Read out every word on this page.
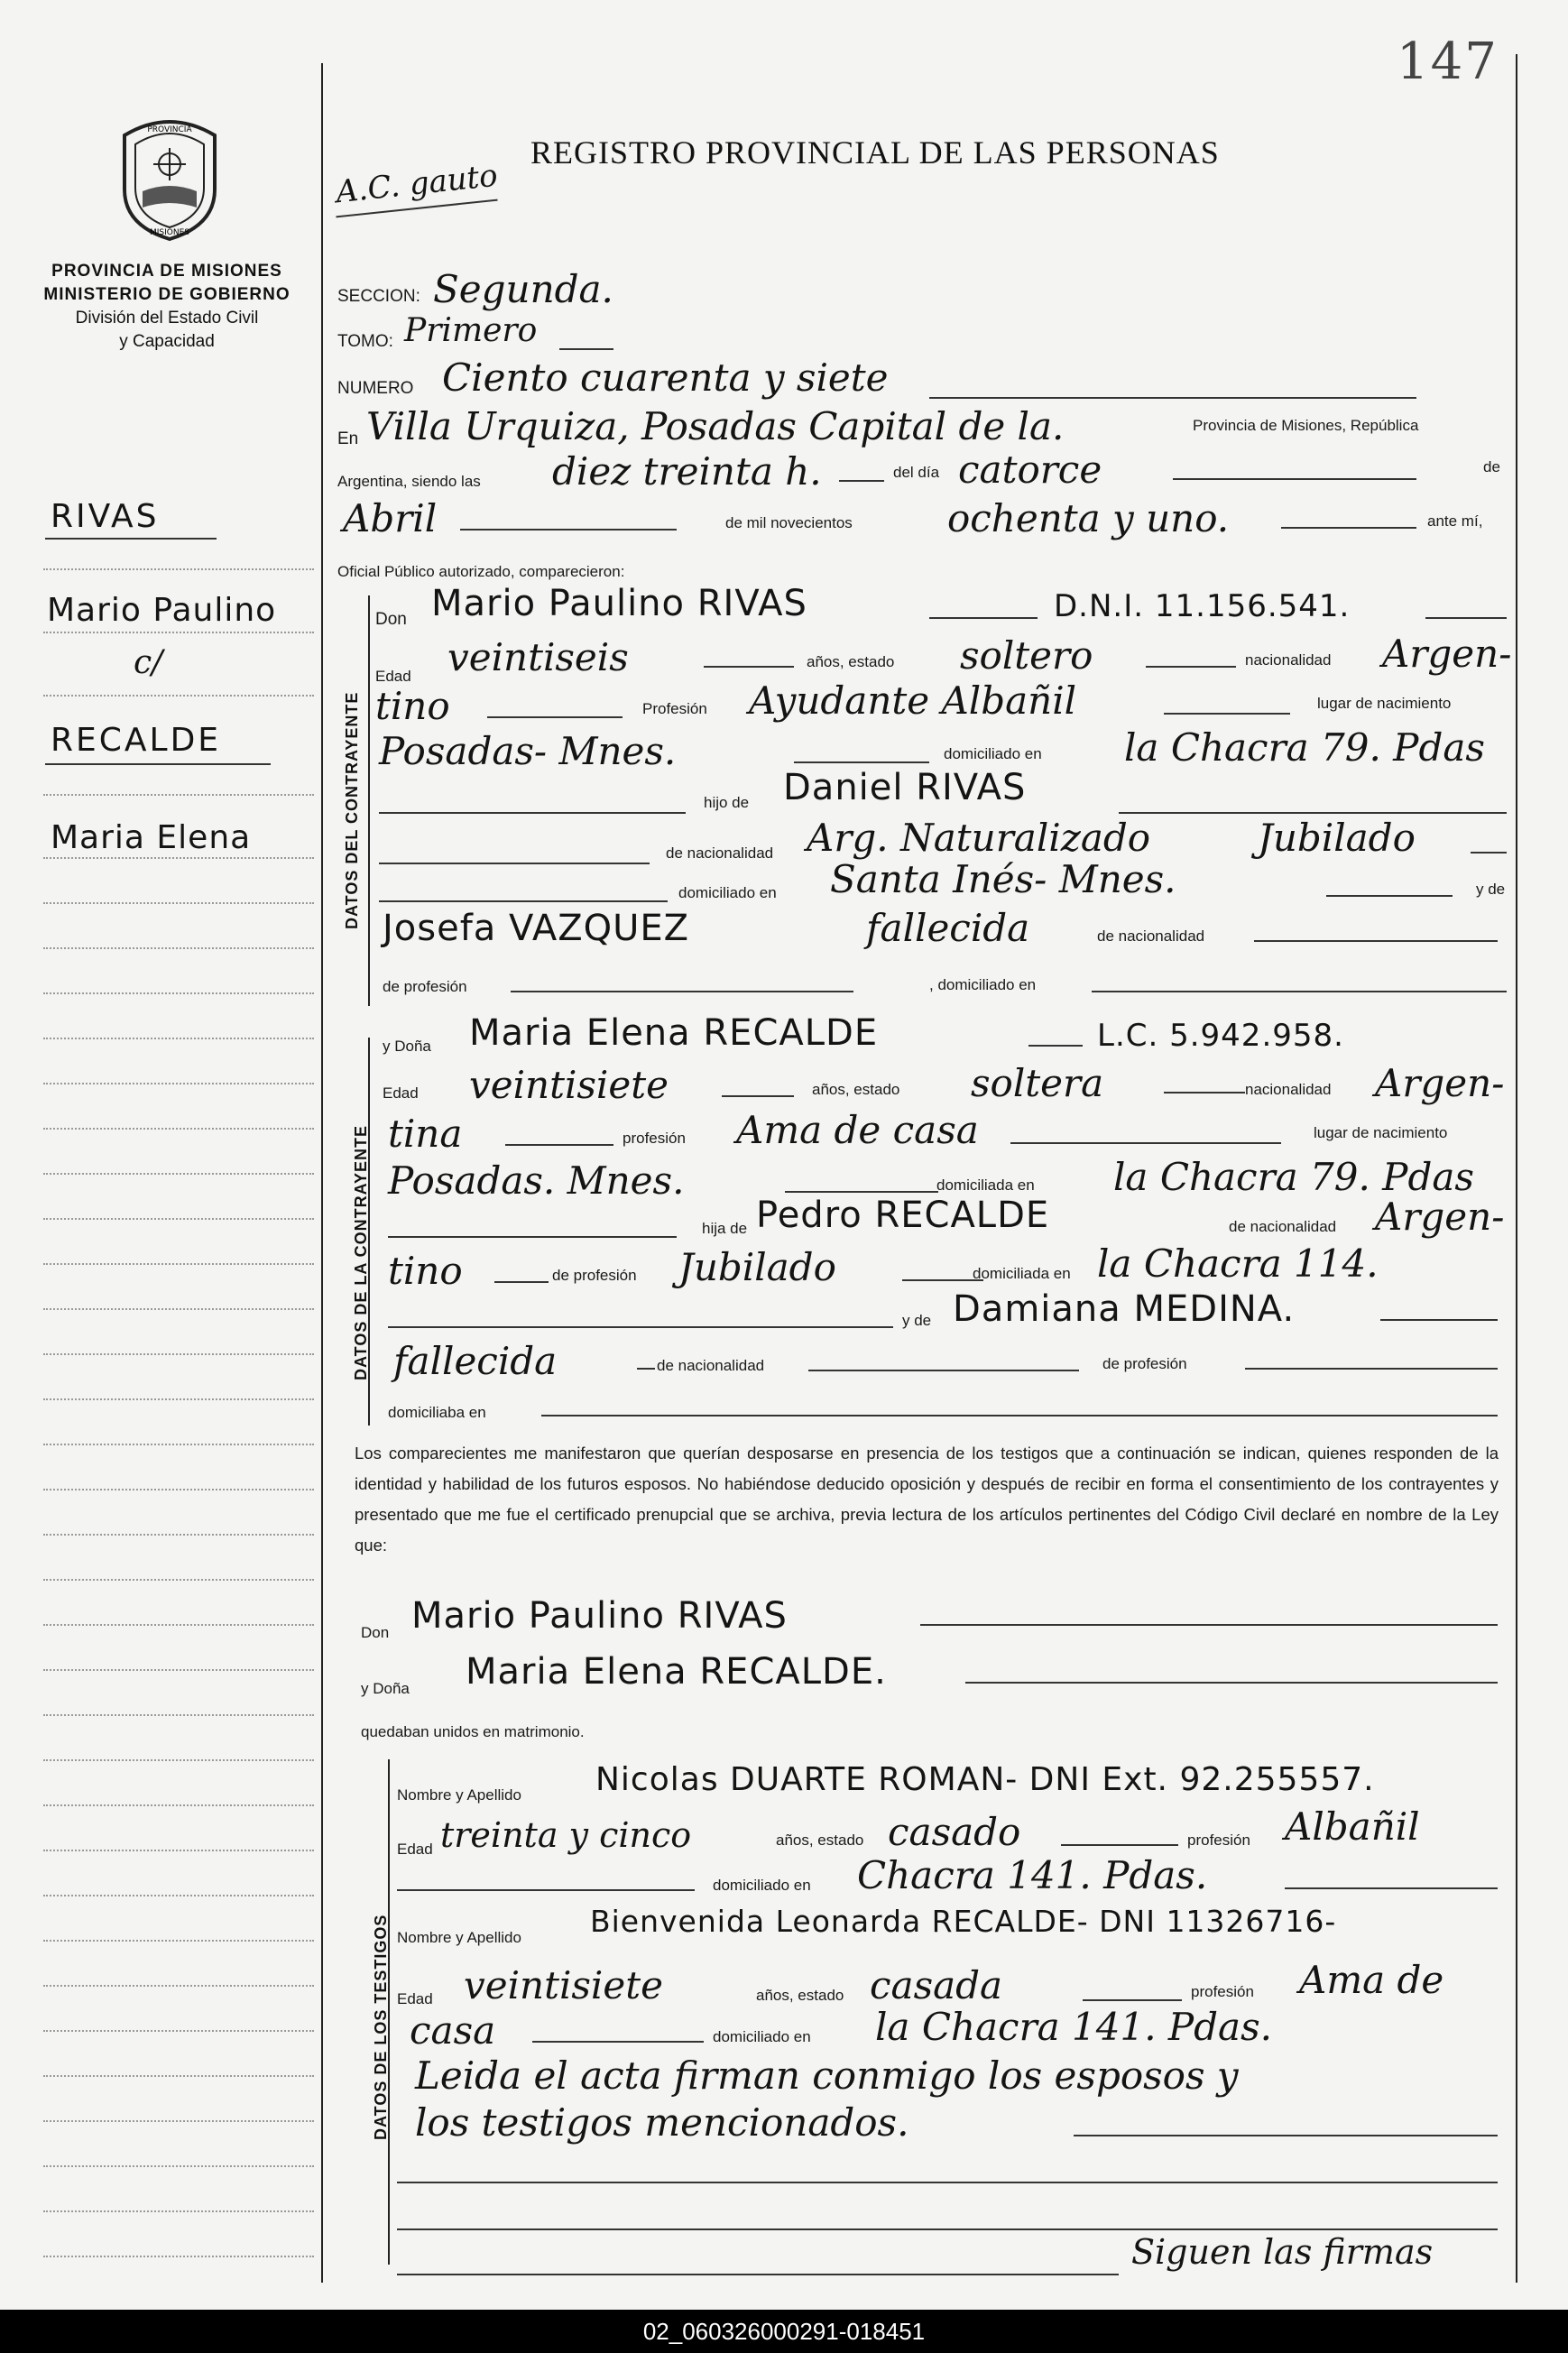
147
REGISTRO PROVINCIAL DE LAS PERSONAS
A.C. gauto
PROVINCIA
MISIONES
PROVINCIA DE MISIONES
MINISTERIO DE GOBIERNO
División del Estado Civil
y Capacidad
RIVAS
Mario Paulino
c/
RECALDE
Maria Elena
SECCION: Segunda.
TOMO: Primero
NUMERO Ciento cuarenta y siete
En Villa Urquiza, Posadas Capital de la.	Provincia de Misiones, República
Argentina, siendo las diez treinta h.	del día catorce	de
Abril	de mil novecientos	ochenta y uno.	ante mí,
Oficial Público autorizado, comparecieron:
DATOS DEL CONTRAYENTE
Don Mario Paulino RIVAS	D.N.I. 11.156.541.
Edad veintiseis	años, estado soltero	nacionalidad Argen-
tino	Profesión Ayudante Albañil	lugar de nacimiento
Posadas- Mnes.	domiciliado en la Chacra 79. Pdas
hijo de Daniel RIVAS
de nacionalidad Arg. Naturalizado	Jubilado
domiciliado en Santa Inés- Mnes.	y de
Josefa VAZQUEZ	fallecida	de nacionalidad
de profesión	, domiciliado en
DATOS DE LA CONTRAYENTE
y Doña Maria Elena RECALDE	L.C. 5.942.958.
Edad veintisiete	años, estado soltera	nacionalidad Argen-
tina	profesión Ama de casa	lugar de nacimiento
Posadas. Mnes.	domiciliada en la Chacra 79. Pdas
hija de Pedro RECALDE	de nacionalidad Argen-
tino	de profesión Jubilado	domiciliada en la Chacra 114.
y de Damiana MEDINA.
fallecida	de nacionalidad	de profesión
domiciliaba en
Los comparecientes me manifestaron que querían desposarse en presencia de los testigos que a continuación se indican, quienes responden de la identidad y habilidad de los futuros esposos. No habiéndose deducido oposición y después de recibir en forma el consentimiento de los contrayentes y presentado que me fue el certificado prenupcial que se archiva, previa lectura de los artículos pertinentes del Código Civil declaré en nombre de la Ley que:
Don Mario Paulino RIVAS
y Doña Maria Elena RECALDE.
quedaban unidos en matrimonio.
DATOS DE LOS TESTIGOS
Nombre y Apellido Nicolas DUARTE ROMAN- DNI Ext. 92.255557.
Edad treinta y cinco	años, estado casado	profesión Albañil
domiciliado en Chacra 141. Pdas.
Nombre y Apellido Bienvenida Leonarda RECALDE- DNI 11326716-
Edad veintisiete	años, estado casada	profesión Ama de
casa	domiciliado en la Chacra 141. Pdas.
Leida el acta firman conmigo los esposos y
los testigos mencionados.
Siguen las firmas
02_060326000291-018451
